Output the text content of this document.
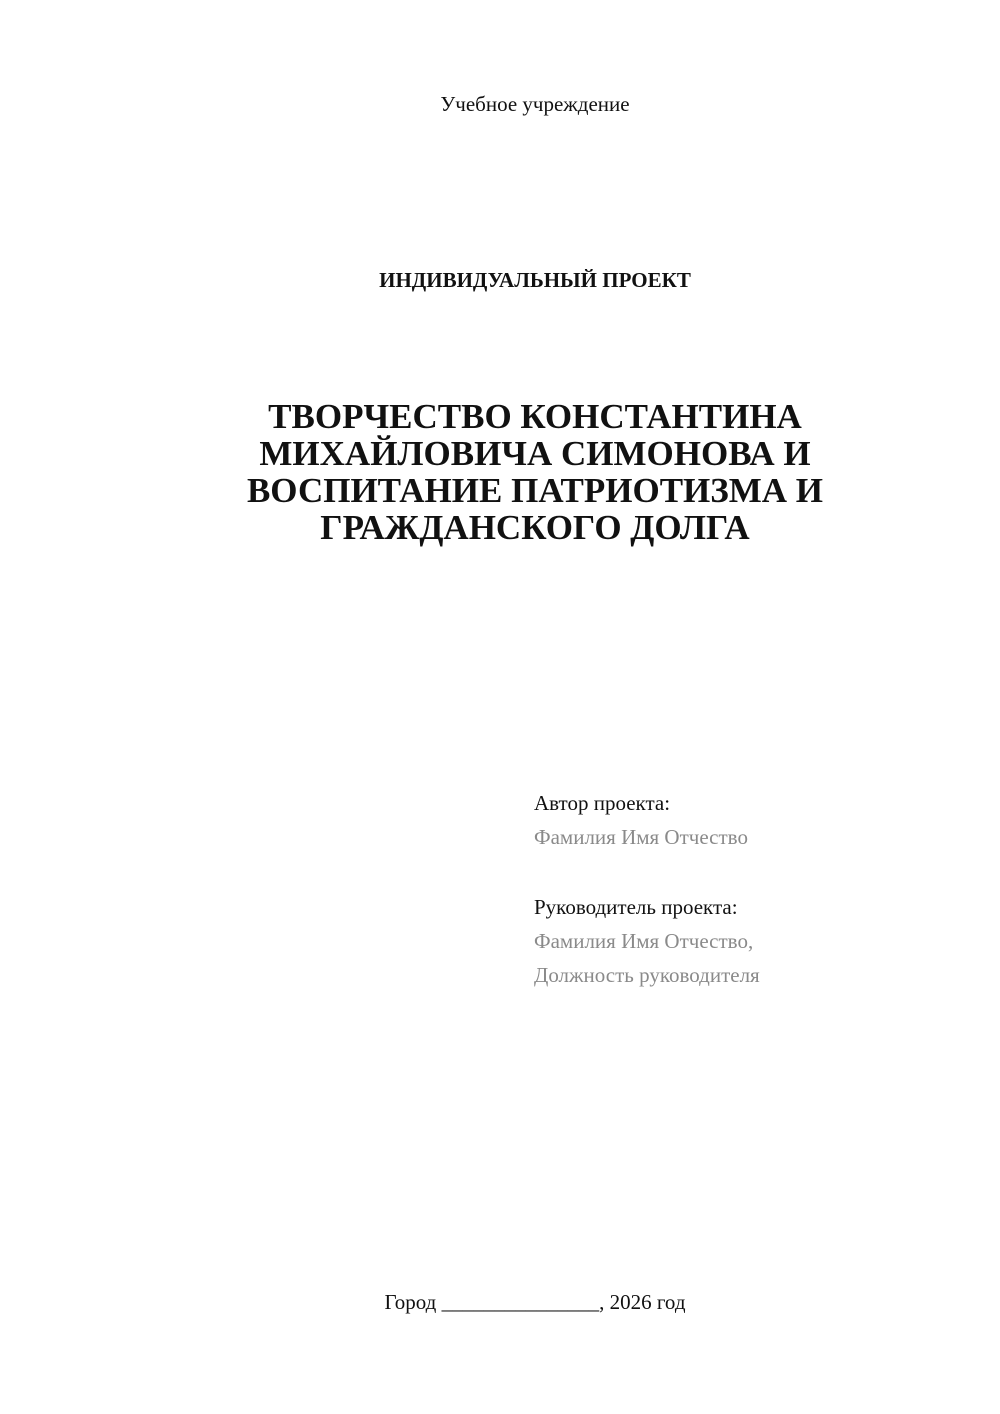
Учебное учреждение
ИНДИВИДУАЛЬНЫЙ ПРОЕКТ
ТВОРЧЕСТВО КОНСТАНТИНА
МИХАЙЛОВИЧА СИМОНОВА И
ВОСПИТАНИЕ ПАТРИОТИЗМА И
ГРАЖДАНСКОГО ДОЛГА
Автор проекта:
Фамилия Имя Отчество
Руководитель проекта:
Фамилия Имя Отчество,
Должность руководителя
Город _______________, 2026 год
